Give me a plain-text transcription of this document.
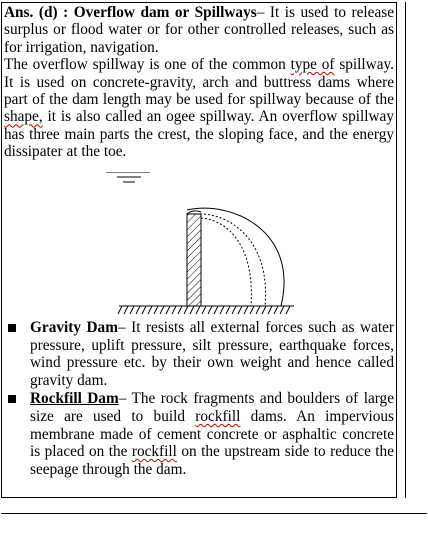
Ans. (d) : Overflow dam or Spillways– It is used to release surplus or flood water or for other controlled releases, such as for irrigation, navigation.

The overflow spillway is one of the common type of spillway. It is used on concrete-gravity, arch and buttress dams where part of the dam length may be used for spillway because of the shape, it is also called an ogee spillway. An overflow spillway has three main parts the crest, the sloping face, and the energy dissipater at the toe.

Gravity Dam– It resists all external forces such as water pressure, uplift pressure, silt pressure, earthquake forces, wind pressure etc. by their own weight and hence called gravity dam.
Rockfill Dam– The rock fragments and boulders of large size are used to build rockfill dams. An impervious membrane made of cement concrete or asphaltic concrete is placed on the rockfill on the upstream side to reduce the seepage through the dam.
